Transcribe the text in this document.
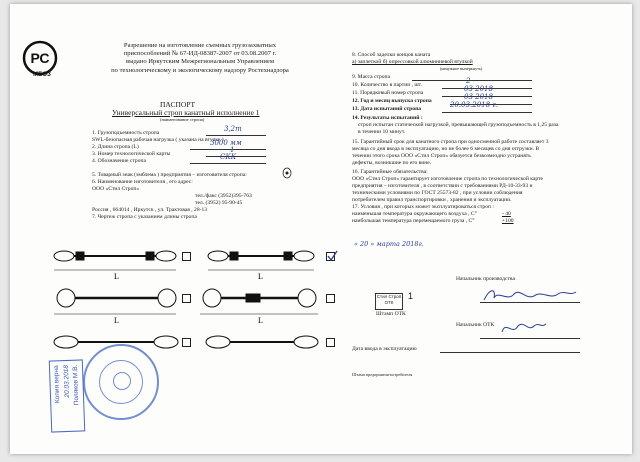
РС
МБОЗ
Разрешение на изготовление съемных грузозахватных
приспособлений № 67-ИД-08387-2007 от 03.08.2007 г.
выдано Иркутским Межрегиональным Управлением
по технологическому и экологическому надзору Ростехнадзора
ПАСПОРТ
Универсальный строп канатный исполнение 1
(наименование стропа)
1. Грузоподъемность стропа	3,2т
SWL-безопасная рабочая нагрузка ( указана на втулке ).
2. Длина стропа (L)	3000 мм
3. Номер технологической карты	1
4. Обозначение стропа	СКК
5. Товарный знак (эмблема ) предприятия – изготовителя стропа:
6. Наименование изготовителя , его адрес:
ООО «Стил Строп»
тел./факс (3952)395-763
тел. (3952) 95-90-45
Россия , 664014 , Иркутск , ул. Трактовая , 28-13
7. Чертеж стропа с указанием длины стропа
L	L
L	L
8. Способ заделки концов каната
а) заплеткой б) опрессовкой алюминиевой втулкой
(ненужное вычеркнуть)
9. Масса стропа
10. Количество в партии , шт.	2
11. Порядковый номер стропа	03 2018
12. Год и месяц выпуска стропа	03 2018
13. Дата испытаний стропа	20.03.2018 г.
14. Результаты испытаний :
строп испытан статической нагрузкой, превышающей грузоподъемность в 1,25 раза
в течении 10 минут.
15. Гарантийный срок для канатного стропа при односменной работе составляет 3
месяца со дня ввода в эксплуатацию, но не более 6 месяцев со дня отгрузки. В
течении этого срока ООО «Стил Строп» обязуется безвозмездно устранять
дефекты, возникшие по его вине.
16. Гарантийные обязательства:
ООО «Стил Строп» гарантирует изготовление стропа по технологической карте
предприятия – изготовителя , в соответствии с требованиями РД-10-33-93 и
техническими условиями по ГОСТ 25573-82 , при условии соблюдения
потребителем правил транспортировки , хранения и эксплуатации.
17. Условия , при которых может эксплуатироваться строп :
наименьшая температура окружающего воздуха , С°	- 40
наибольшая температура перемещаемого груза , С°	+100
« 20 » марта 2018г.
Начальник производства
Стил Строп
ОТК
1
Штамп ОТК
Начальник ОТК
Дата ввода в эксплуатацию
Штамп предприятия-потребителя
Копия верна 20.03.2018 Поляков М.В.
